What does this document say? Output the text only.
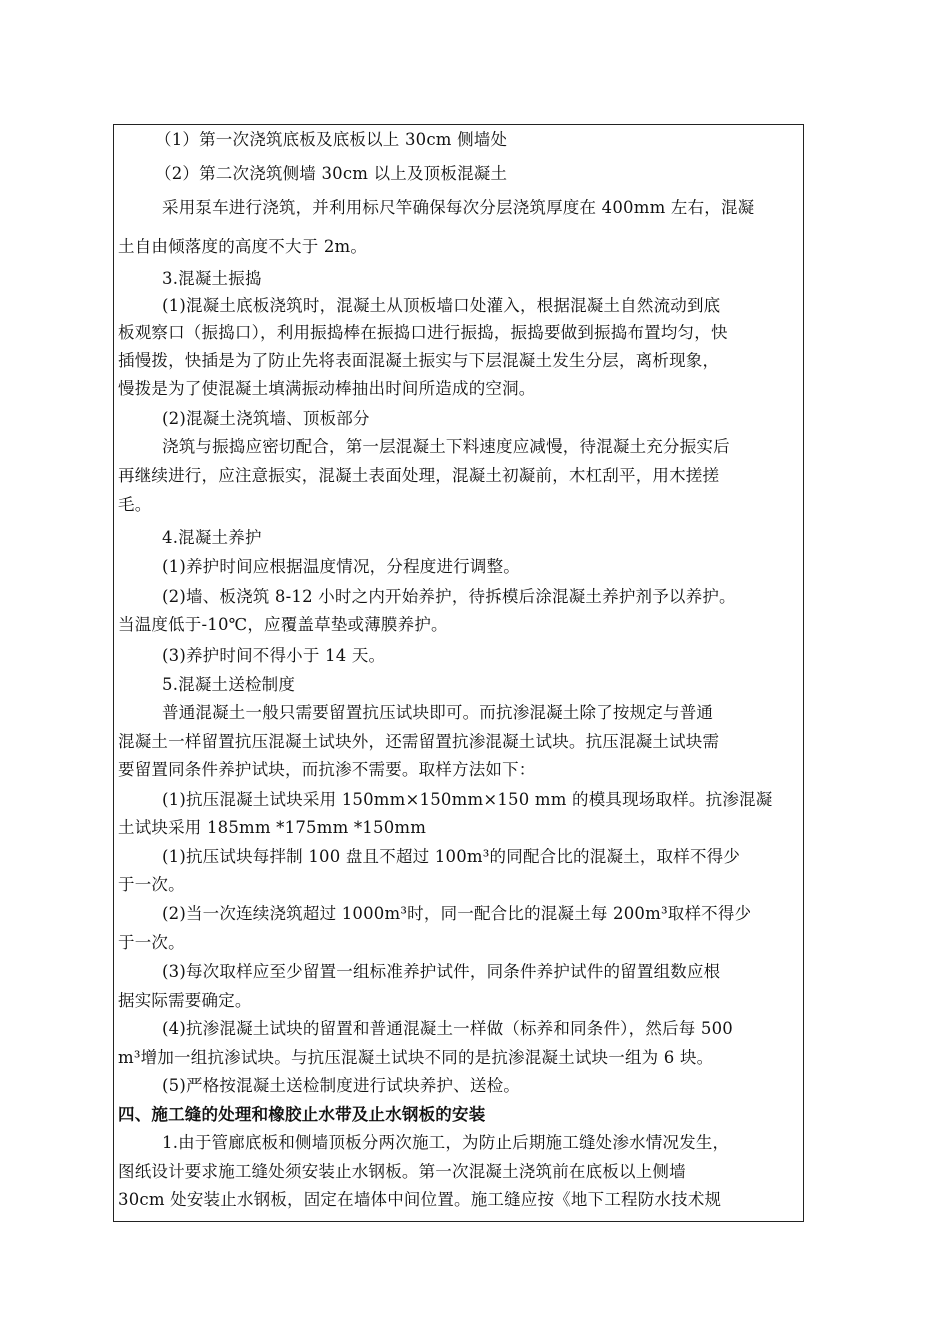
（1）第一次浇筑底板及底板以上 30cm 侧墙处
（2）第二次浇筑侧墙 30cm 以上及顶板混凝土
采用泵车进行浇筑，并利用标尺竿确保每次分层浇筑厚度在 400mm 左右，混凝
土自由倾落度的高度不大于 2m。
3.混凝土振捣
(1)混凝土底板浇筑时，混凝土从顶板墙口处灌入，根据混凝土自然流动到底
板观察口（振捣口），利用振捣棒在振捣口进行振捣，振捣要做到振捣布置均匀，快
插慢拨，快插是为了防止先将表面混凝土振实与下层混凝土发生分层，离析现象，
慢拨是为了使混凝土填满振动棒抽出时间所造成的空洞。
(2)混凝土浇筑墙、顶板部分
浇筑与振捣应密切配合，第一层混凝土下料速度应减慢，待混凝土充分振实后
再继续进行，应注意振实，混凝土表面处理，混凝土初凝前，木杠刮平，用木搓搓
毛。
4.混凝土养护
(1)养护时间应根据温度情况，分程度进行调整。
(2)墙、板浇筑 8-12 小时之内开始养护，待拆模后涂混凝土养护剂予以养护。
当温度低于-10℃，应覆盖草垫或薄膜养护。
(3)养护时间不得小于 14 天。
5.混凝土送检制度
普通混凝土一般只需要留置抗压试块即可。而抗渗混凝土除了按规定与普通
混凝土一样留置抗压混凝土试块外，还需留置抗渗混凝土试块。抗压混凝土试块需
要留置同条件养护试块，而抗渗不需要。取样方法如下：
(1)抗压混凝土试块采用 150mm×150mm×150 mm 的模具现场取样。抗渗混凝
土试块采用 185mm *175mm *150mm
(1)抗压试块每拌制 100 盘且不超过 100m³的同配合比的混凝土，取样不得少
于一次。
(2)当一次连续浇筑超过 1000m³时，同一配合比的混凝土每 200m³取样不得少
于一次。
(3)每次取样应至少留置一组标准养护试件，同条件养护试件的留置组数应根
据实际需要确定。
(4)抗渗混凝土试块的留置和普通混凝土一样做（标养和同条件），然后每 500
m³增加一组抗渗试块。与抗压混凝土试块不同的是抗渗混凝土试块一组为 6 块。
(5)严格按混凝土送检制度进行试块养护、送检。
四、施工缝的处理和橡胶止水带及止水钢板的安装
1.由于管廊底板和侧墙顶板分两次施工，为防止后期施工缝处渗水情况发生，
图纸设计要求施工缝处须安装止水钢板。第一次混凝土浇筑前在底板以上侧墙
30cm 处安装止水钢板，固定在墙体中间位置。施工缝应按《地下工程防水技术规
